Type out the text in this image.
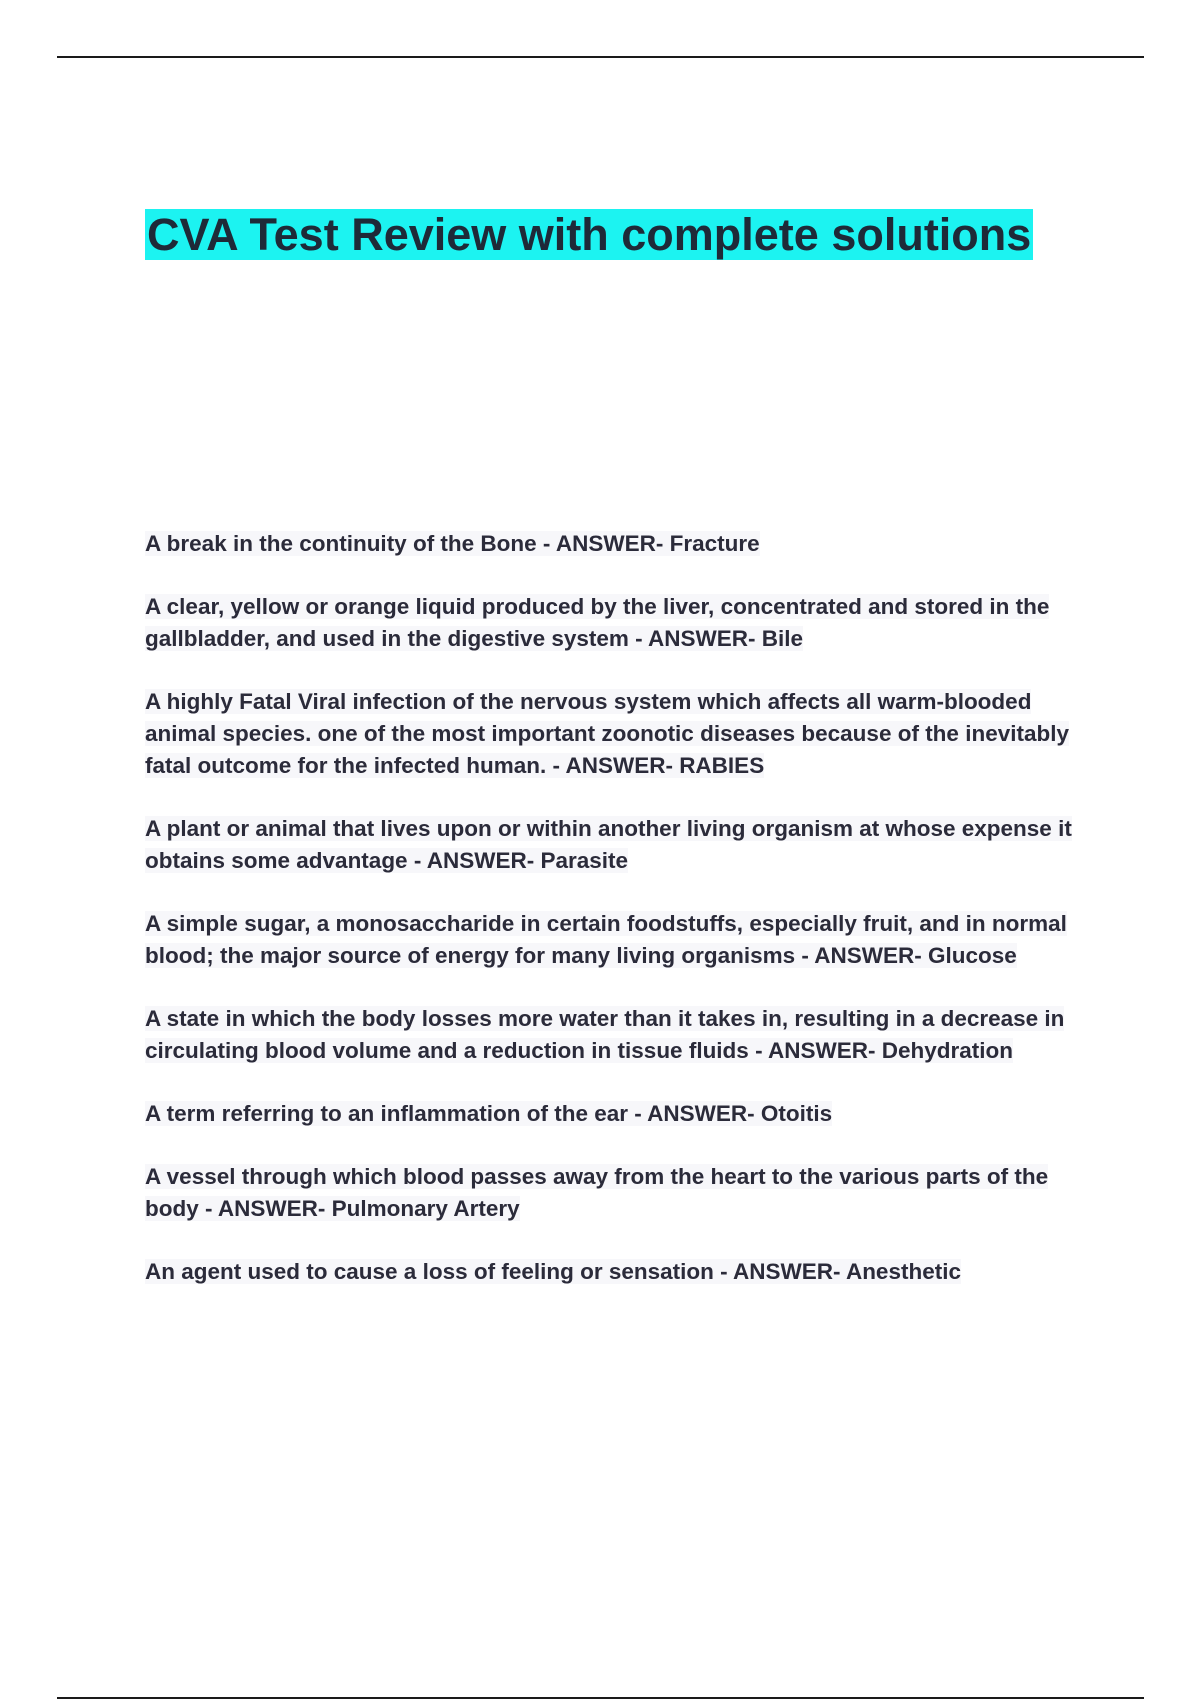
CVA Test Review with complete solutions
A break in the continuity of the Bone - ANSWER- Fracture
A clear, yellow or orange liquid produced by the liver, concentrated and stored in the gallbladder, and used in the digestive system - ANSWER- Bile
A highly Fatal Viral infection of the nervous system which affects all warm-blooded animal species. one of the most important zoonotic diseases because of the inevitably fatal outcome for the infected human. - ANSWER- RABIES
A plant or animal that lives upon or within another living organism at whose expense it obtains some advantage - ANSWER- Parasite
A simple sugar, a monosaccharide in certain foodstuffs, especially fruit, and in normal blood; the major source of energy for many living organisms - ANSWER- Glucose
A state in which the body losses more water than it takes in, resulting in a decrease in circulating blood volume and a reduction in tissue fluids - ANSWER- Dehydration
A term referring to an inflammation of the ear - ANSWER- Otoitis
A vessel through which blood passes away from the heart to the various parts of the body - ANSWER- Pulmonary Artery
An agent used to cause a loss of feeling or sensation - ANSWER- Anesthetic
